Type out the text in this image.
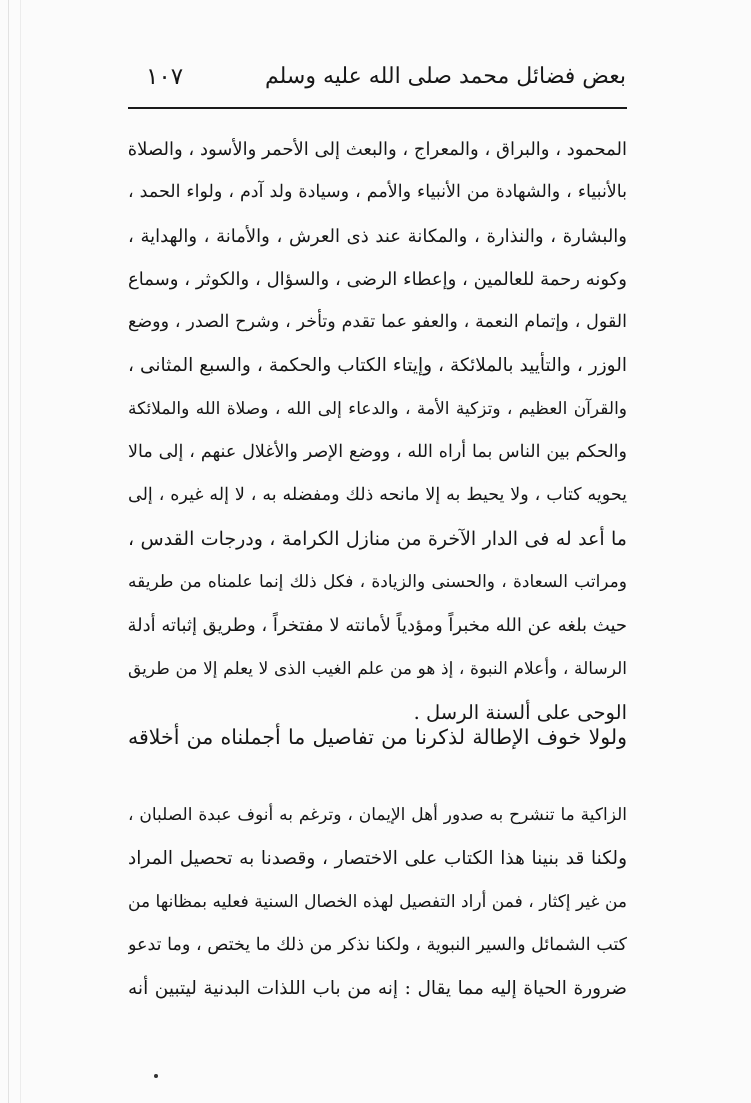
بعض فضائل محمد صلى الله عليه وسلم
١٠٧

المحمود ، والبراق ، والمعراج ، والبعث إلى الأحمر والأسود ، والصلاة
بالأنبياء ، والشهادة من الأنبياء والأمم ، وسيادة ولد آدم ، ولواء الحمد ،
والبشارة ، والنذارة ، والمكانة عند ذى العرش ، والأمانة ، والهداية ،
وكونه رحمة للعالمين ، وإعطاء الرضى ، والسؤال ، والكوثر ، وسماع
القول ، وإتمام النعمة ، والعفو عما تقدم وتأخر ، وشرح الصدر ، ووضع
الوزر ، والتأييد بالملائكة ، وإيتاء الكتاب والحكمة ، والسبع المثانى ،
والقرآن العظيم ، وتزكية الأمة ، والدعاء إلى الله ، وصلاة الله والملائكة
والحكم بين الناس بما أراه الله ، ووضع الإصر والأغلال عنهم ، إلى مالا
يحويه كتاب ، ولا يحيط به إلا مانحه ذلك ومفضله به ، لا إله غيره ، إلى
ما أعد له فى الدار الآخرة من منازل الكرامة ، ودرجات القدس ،
ومراتب السعادة ، والحسنى والزيادة ، فكل ذلك إنما علمناه من طريقه
حيث بلغه عن الله مخبراً ومؤدياً لأمانته لا مفتخراً ، وطريق إثباته أدلة
الرسالة ، وأعلام النبوة ، إذ هو من علم الغيب الذى لا يعلم إلا من طريق
الوحى على ألسنة الرسل .

ولولا خوف الإطالة لذكرنا من تفاصيل ما أجملناه من أخلاقه

الزاكية ما تنشرح به صدور أهل الإيمان ، وترغم به أنوف عبدة الصلبان ،
ولكنا قد بنينا هذا الكتاب على الاختصار ، وقصدنا به تحصيل المراد
من غير إكثار ، فمن أراد التفصيل لهذه الخصال السنية فعليه بمظانها من
كتب الشمائل والسير النبوية ، ولكنا نذكر من ذلك ما يختص ، وما تدعو
ضرورة الحياة إليه مما يقال : إنه من باب اللذات البدنية ليتبين أنه
